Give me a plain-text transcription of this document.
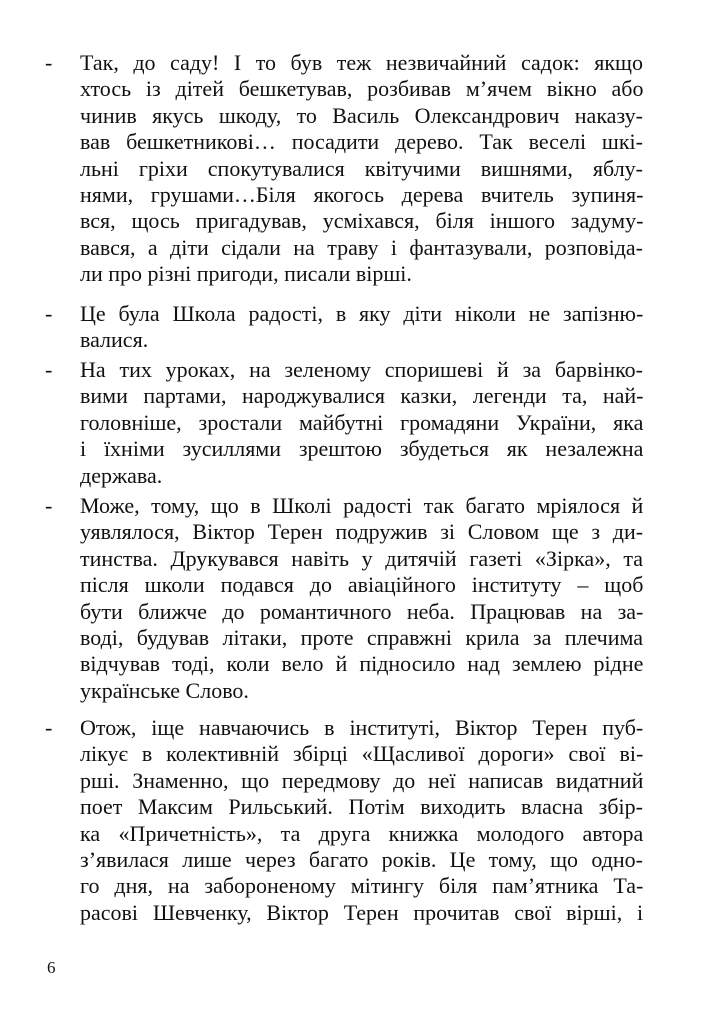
- Так, до саду! І то був теж незвичайний садок: якщо
хтось із дітей бешкетував, розбивав м’ячем вікно або
чинив якусь шкоду, то Василь Олександрович наказу-
вав бешкетникові… посадити дерево. Так веселі шкі-
льні гріхи спокутувалися квітучими вишнями, яблу-
нями, грушами…Біля якогось дерева вчитель зупиня-
вся, щось пригадував, усміхався, біля іншого задуму-
вався, а діти сідали на траву і фантазували, розповіда-
ли про різні пригоди, писали вірші.
- Це була Школа радості, в яку діти ніколи не запізню-
валися.
- На тих уроках, на зеленому споришеві й за барвінко-
вими партами, народжувалися казки, легенди та, най-
головніше, зростали майбутні громадяни України, яка
і їхніми зусиллями зрештою збудеться як незалежна
держава.
- Може, тому, що в Школі радості так багато мріялося й
уявлялося, Віктор Терен подружив зі Словом ще з ди-
тинства. Друкувався навіть у дитячій газеті «Зірка», та
після школи подався до авіаційного інституту – щоб
бути ближче до романтичного неба. Працював на за-
воді, будував літаки, проте справжні крила за плечима
відчував тоді, коли вело й підносило над землею рідне
українське Слово.
- Отож, іще навчаючись в інституті, Віктор Терен пуб-
лікує в колективній збірці «Щасливої дороги» свої ві-
рші. Знаменно, що передмову до неї написав видатний
поет Максим Рильський. Потім виходить власна збір-
ка «Причетність», та друга книжка молодого автора
з’явилася лише через багато років. Це тому, що одно-
го дня, на забороненому мітингу біля пам’ятника Та-
расові Шевченку, Віктор Терен прочитав свої вірші, і
6
